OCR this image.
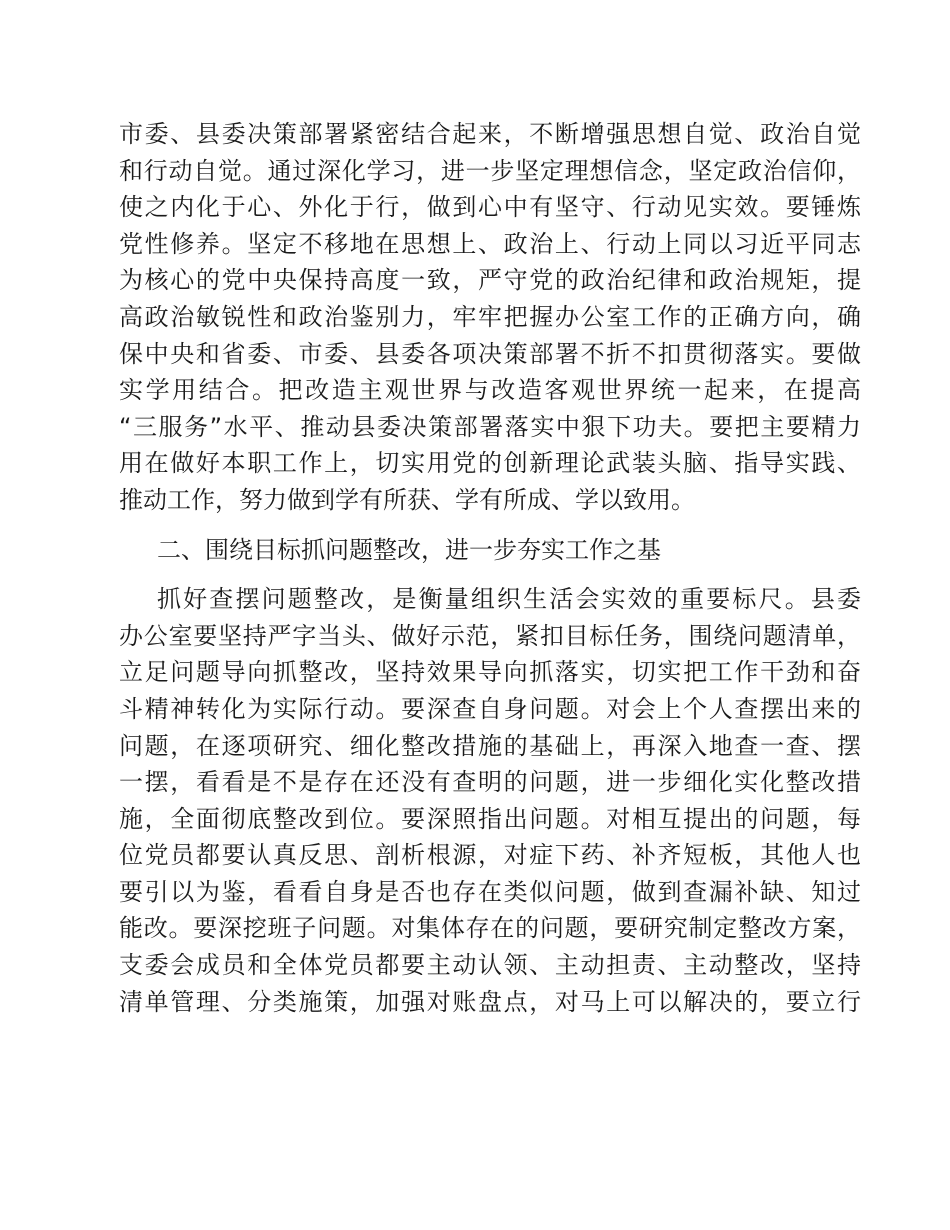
市委、县委决策部署紧密结合起来，不断增强思想自觉、政治自觉
和行动自觉。通过深化学习，进一步坚定理想信念，坚定政治信仰，
使之内化于心、外化于行，做到心中有坚守、行动见实效。要锤炼
党性修养。坚定不移地在思想上、政治上、行动上同以习近平同志
为核心的党中央保持高度一致，严守党的政治纪律和政治规矩，提
高政治敏锐性和政治鉴别力，牢牢把握办公室工作的正确方向，确
保中央和省委、市委、县委各项决策部署不折不扣贯彻落实。要做
实学用结合。把改造主观世界与改造客观世界统一起来，在提高
“三服务”水平、推动县委决策部署落实中狠下功夫。要把主要精力
用在做好本职工作上，切实用党的创新理论武装头脑、指导实践、
推动工作，努力做到学有所获、学有所成、学以致用。
二、围绕目标抓问题整改，进一步夯实工作之基
抓好查摆问题整改，是衡量组织生活会实效的重要标尺。县委
办公室要坚持严字当头、做好示范，紧扣目标任务，围绕问题清单，
立足问题导向抓整改，坚持效果导向抓落实，切实把工作干劲和奋
斗精神转化为实际行动。要深查自身问题。对会上个人查摆出来的
问题，在逐项研究、细化整改措施的基础上，再深入地查一查、摆
一摆，看看是不是存在还没有查明的问题，进一步细化实化整改措
施，全面彻底整改到位。要深照指出问题。对相互提出的问题，每
位党员都要认真反思、剖析根源，对症下药、补齐短板，其他人也
要引以为鉴，看看自身是否也存在类似问题，做到查漏补缺、知过
能改。要深挖班子问题。对集体存在的问题，要研究制定整改方案，
支委会成员和全体党员都要主动认领、主动担责、主动整改，坚持
清单管理、分类施策，加强对账盘点，对马上可以解决的，要立行
